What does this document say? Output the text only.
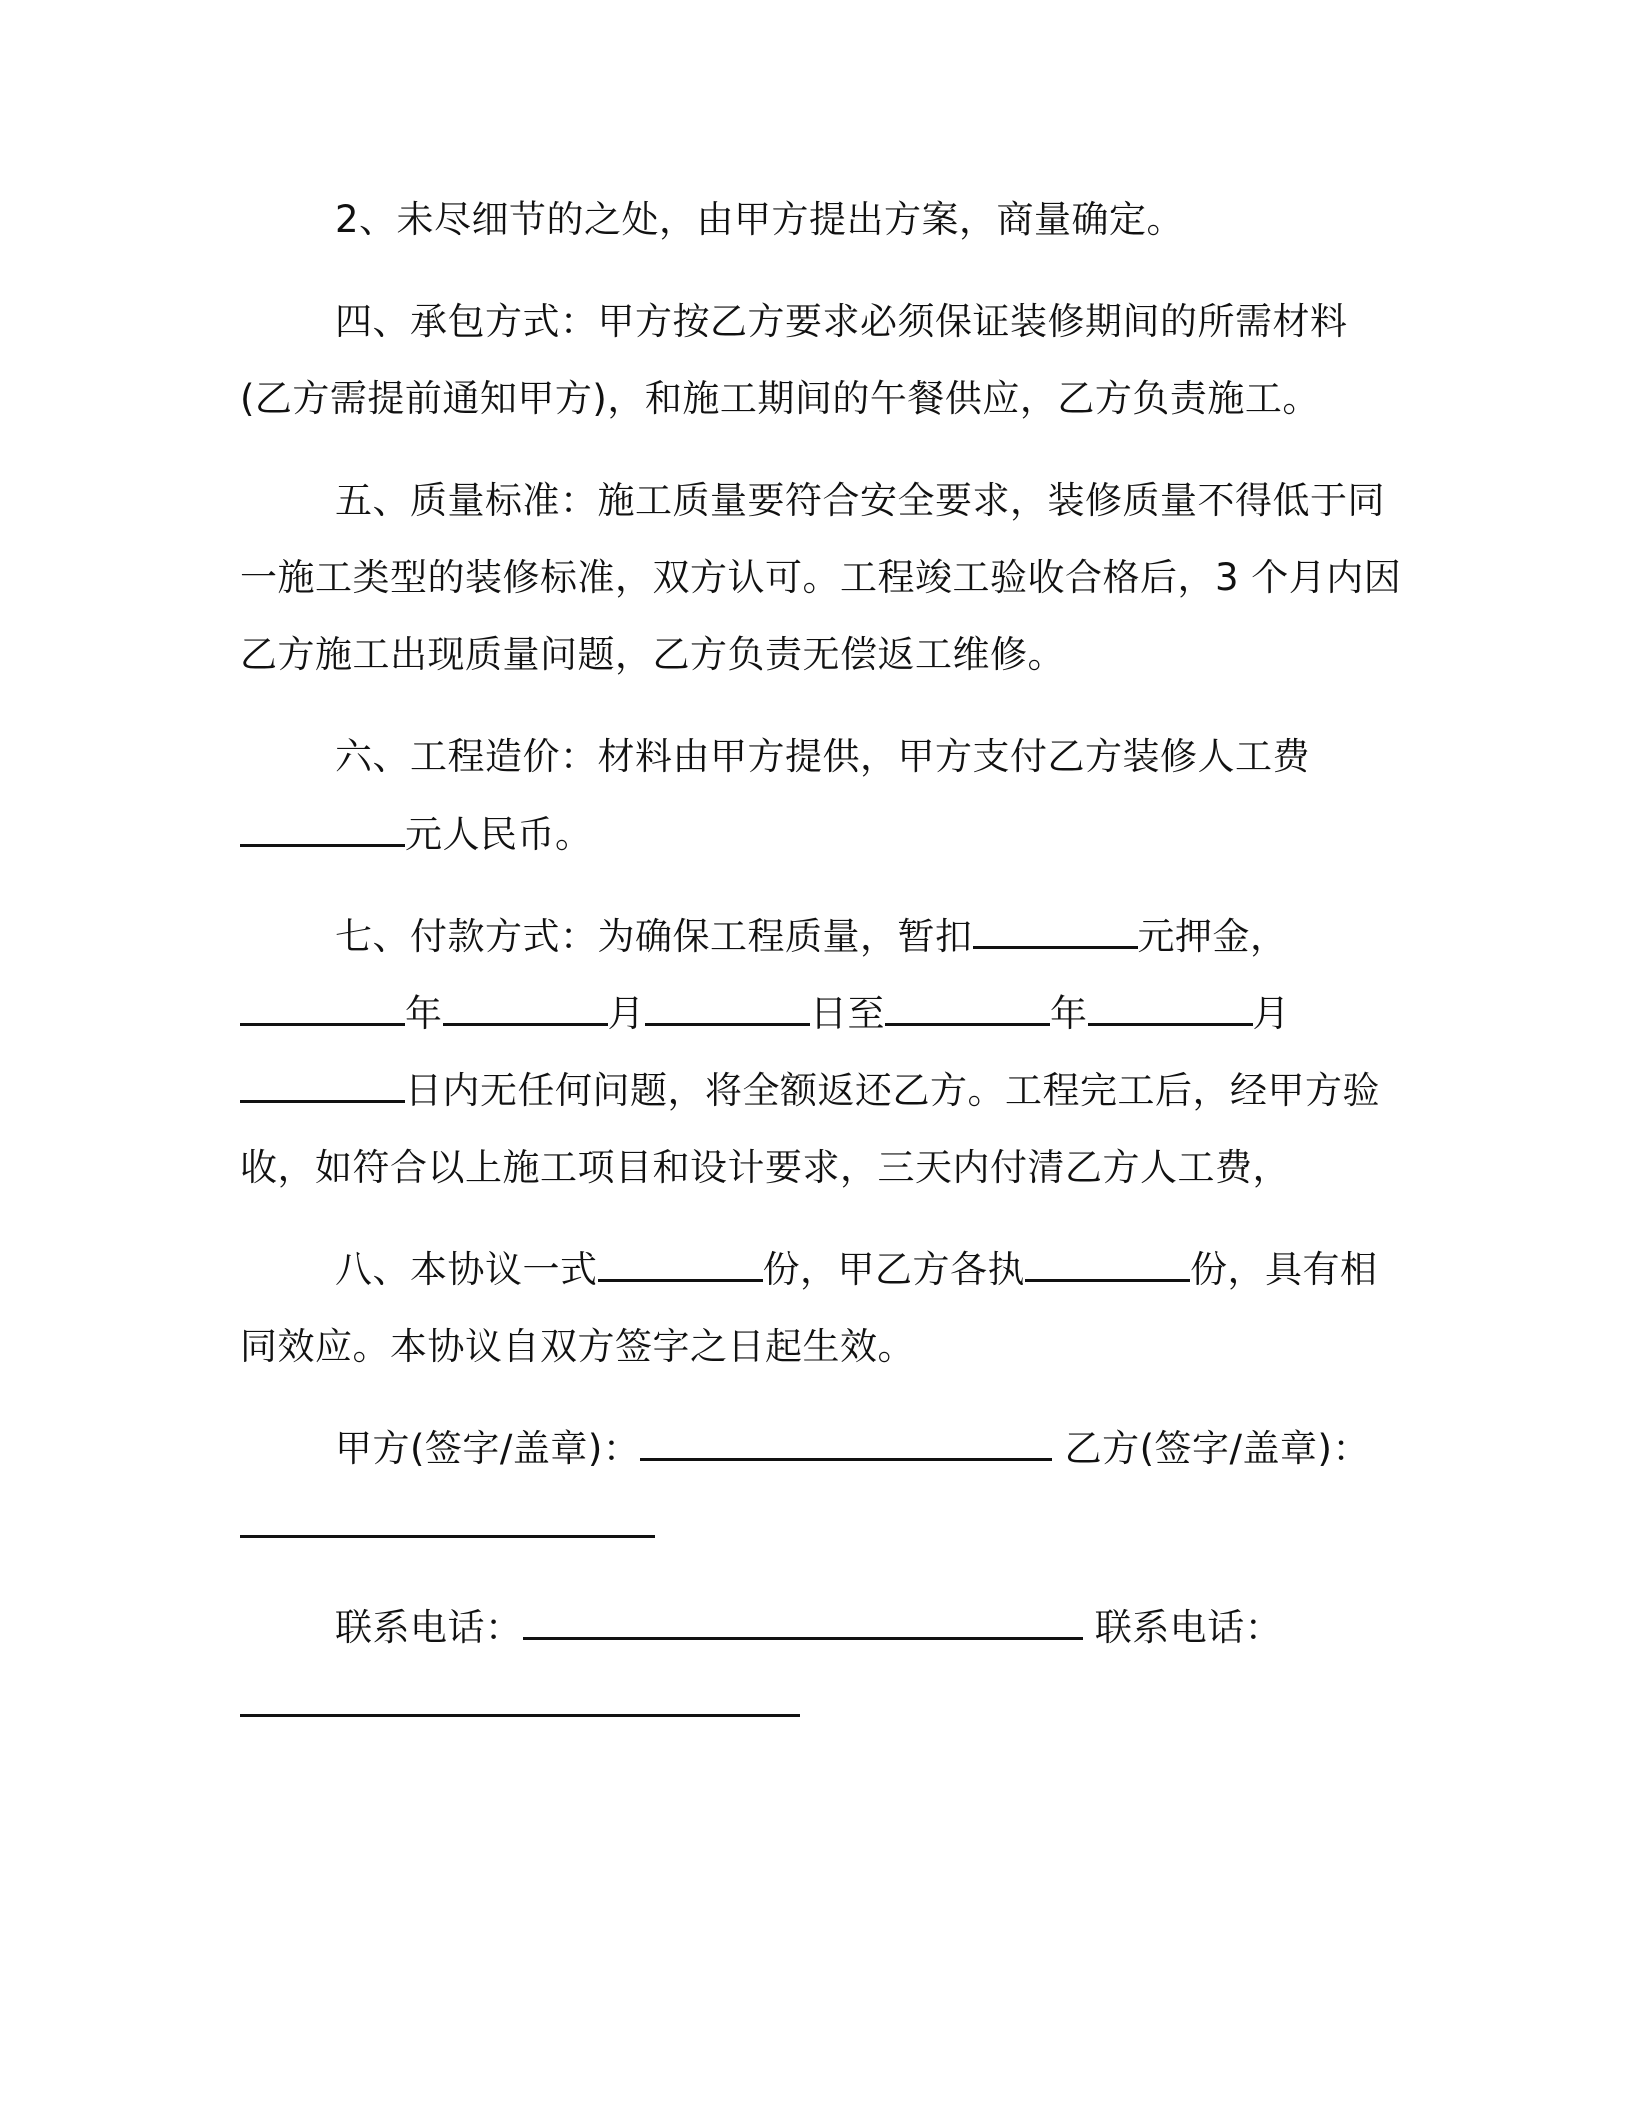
2、未尽细节的之处，由甲方提出方案，商量确定。
四、承包方式：甲方按乙方要求必须保证装修期间的所需材料
(乙方需提前通知甲方)，和施工期间的午餐供应，乙方负责施工。
五、质量标准：施工质量要符合安全要求，装修质量不得低于同
一施工类型的装修标准，双方认可。工程竣工验收合格后，3 个月内因
乙方施工出现质量问题，乙方负责无偿返工维修。
六、工程造价：材料由甲方提供，甲方支付乙方装修人工费
元人民币。
七、付款方式：为确保工程质量，暂扣	元押金，
年	月	日至	年	月
日内无任何问题，将全额返还乙方。工程完工后，经甲方验
收，如符合以上施工项目和设计要求，三天内付清乙方人工费，
八、本协议一式	份，甲乙方各执	份，具有相
同效应。本协议自双方签字之日起生效。
甲方(签字/盖章)：	乙方(签字/盖章)：
联系电话：	联系电话：
